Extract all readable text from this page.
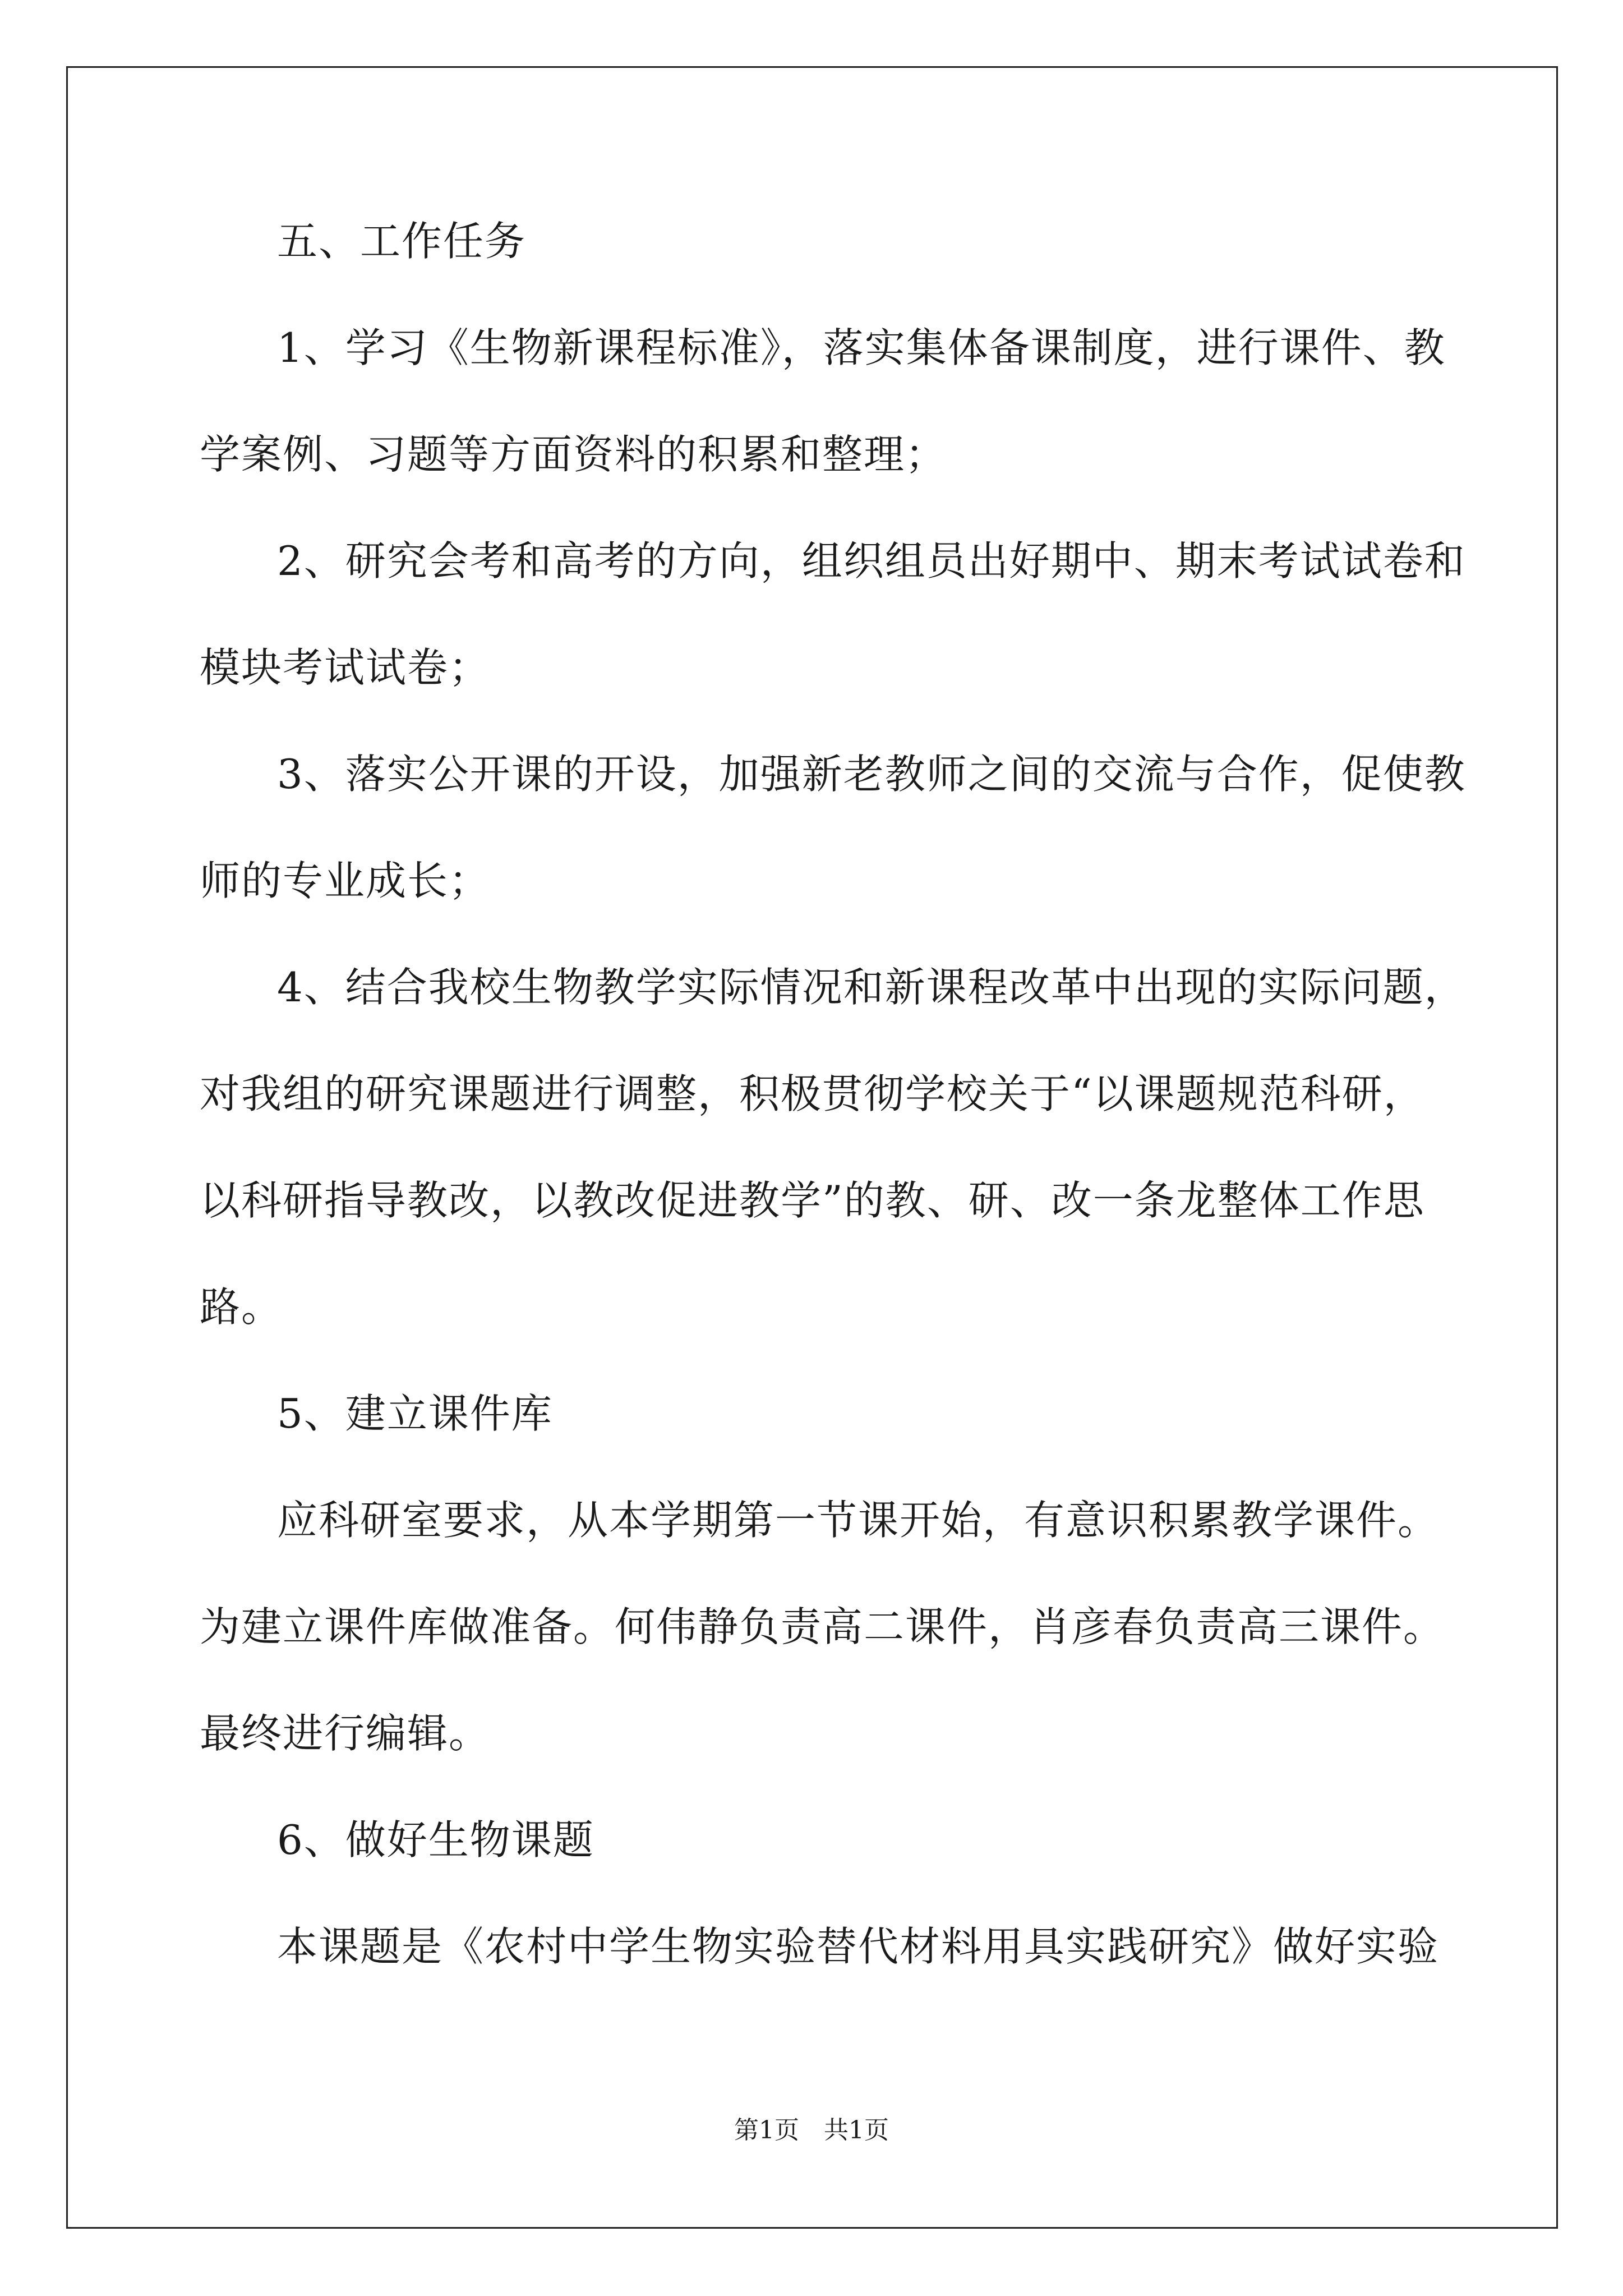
五、工作任务
1、学习《生物新课程标准》，落实集体备课制度，进行课件、教
学案例、习题等方面资料的积累和整理；
2、研究会考和高考的方向，组织组员出好期中、期末考试试卷和
模块考试试卷；
3、落实公开课的开设，加强新老教师之间的交流与合作，促使教
师的专业成长；
4、结合我校生物教学实际情况和新课程改革中出现的实际问题，
对我组的研究课题进行调整，积极贯彻学校关于“以课题规范科研，
以科研指导教改，以教改促进教学”的教、研、改一条龙整体工作思
路。
5、建立课件库
应科研室要求，从本学期第一节课开始，有意识积累教学课件。
为建立课件库做准备。何伟静负责高二课件，肖彦春负责高三课件。
最终进行编辑。
6、做好生物课题
本课题是《农村中学生物实验替代材料用具实践研究》做好实验
第1页　共1页
